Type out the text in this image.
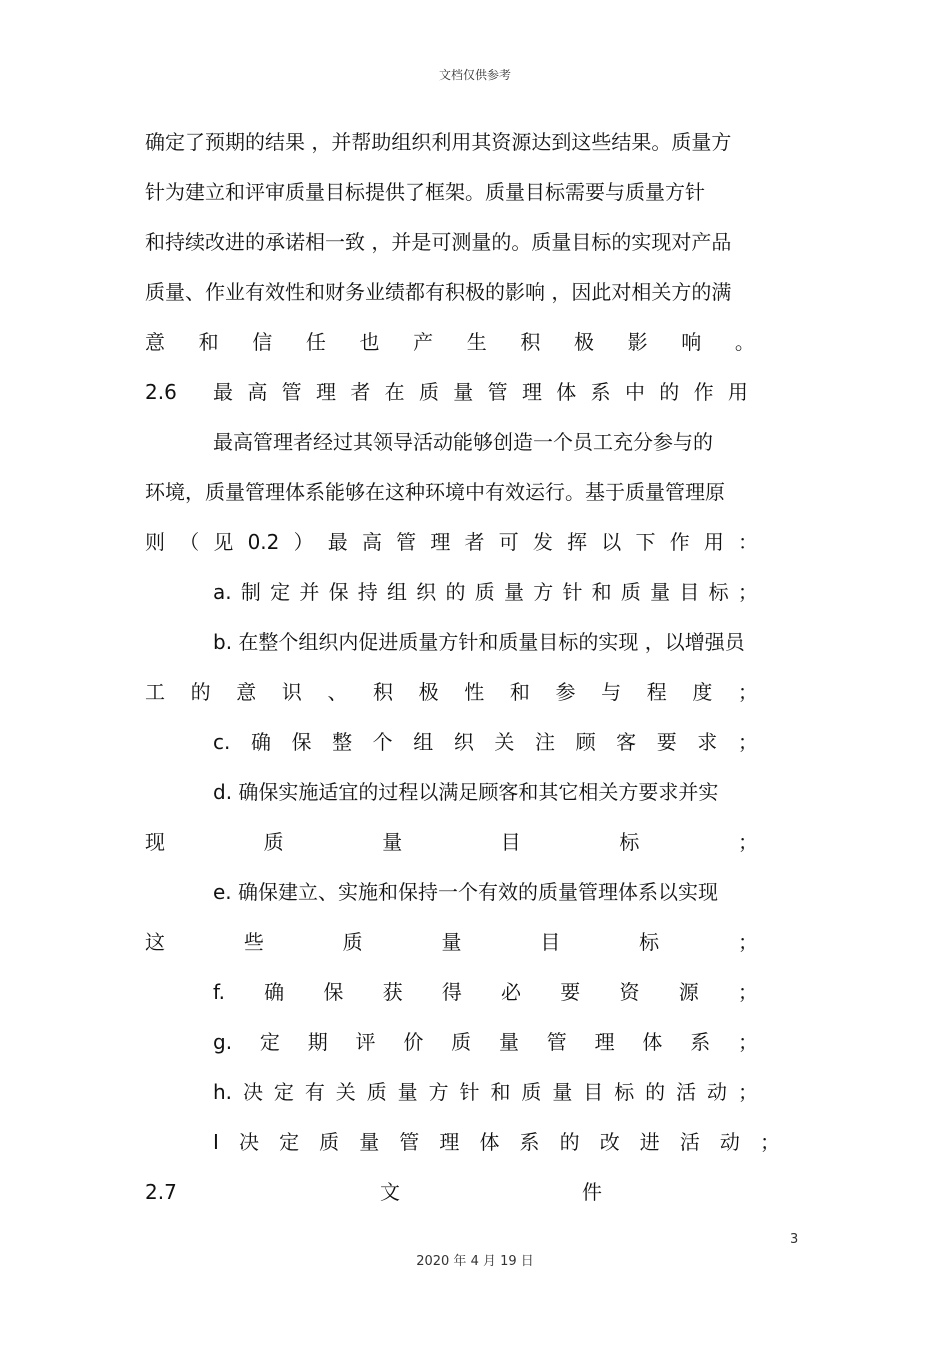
文档仅供参考
确定了预期的结果 ，并帮助组织利用其资源达到这些结果。质量方
针为建立和评审质量目标提供了框架。质量目标需要与质量方针
和持续改进的承诺相一致 ，并是可测量的。质量目标的实现对产品
质量、作业有效性和财务业绩都有积极的影响 ，因此对相关方的满
意 和 信 任 也 产 生 积 极 影 响 。
2.6 最 高 管 理 者 在 质 量 管 理 体 系 中 的 作 用
最高管理者经过其领导活动能够创造一个员工充分参与的
环境，质量管理体系能够在这种环境中有效运行。基于质量管理原
则 （ 见 0.2 ） 最 高 管 理 者 可 发 挥 以 下 作 用 ：
a. 制 定 并 保 持 组 织 的 质 量 方 针 和 质 量 目 标 ；
b. 在整个组织内促进质量方针和质量目标的实现 ，以增强员
工 的 意 识 、 积 极 性 和 参 与 程 度 ；
c. 确 保 整 个 组 织 关 注 顾 客 要 求 ；
d. 确保实施适宜的过程以满足顾客和其它相关方要求并实
现	质	量	目	标	；
e. 确保建立、实施和保持一个有效的质量管理体系以实现
这	些	质	量	目	标	；
f. 确 保 获 得 必 要 资 源 ；
g. 定 期 评 价 质 量 管 理 体 系 ；
h. 决 定 有 关 质 量 方 针 和 质 量 目 标 的 活 动 ；
I 决 定 质 量 管 理 体 系 的 改 进 活 动 ；
2.7	文	件
3
2020 年 4 月 19 日
